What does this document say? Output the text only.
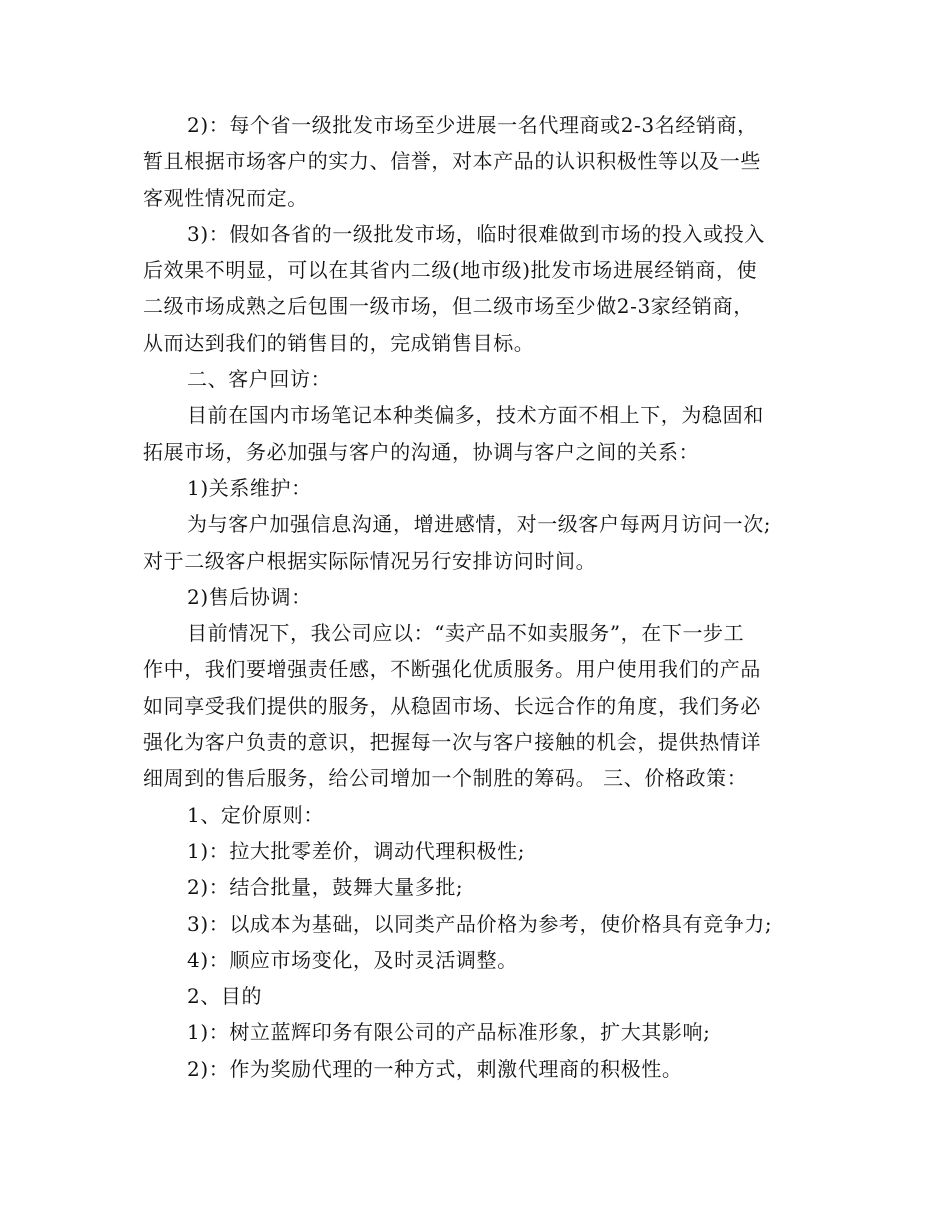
2)：每个省一级批发市场至少进展一名代理商或2-3名经销商，
暂且根据市场客户的实力、信誉，对本产品的认识积极性等以及一些
客观性情况而定。
3)：假如各省的一级批发市场，临时很难做到市场的投入或投入
后效果不明显，可以在其省内二级(地市级)批发市场进展经销商，使
二级市场成熟之后包围一级市场，但二级市场至少做2-3家经销商，
从而达到我们的销售目的，完成销售目标。
二、客户回访：
目前在国内市场笔记本种类偏多，技术方面不相上下，为稳固和
拓展市场，务必加强与客户的沟通，协调与客户之间的关系：
1)关系维护：
为与客户加强信息沟通，增进感情，对一级客户每两月访问一次;
对于二级客户根据实际际情况另行安排访问时间。
2)售后协调：
目前情况下，我公司应以：“卖产品不如卖服务”，在下一步工
作中，我们要增强责任感，不断强化优质服务。用户使用我们的产品
如同享受我们提供的服务，从稳固市场、长远合作的角度，我们务必
强化为客户负责的意识，把握每一次与客户接触的机会，提供热情详
细周到的售后服务，给公司增加一个制胜的筹码。 三、价格政策：
1、定价原则：
1)：拉大批零差价，调动代理积极性;
2)：结合批量，鼓舞大量多批;
3)：以成本为基础，以同类产品价格为参考，使价格具有竞争力;
4)：顺应市场变化，及时灵活调整。
2、目的
1)：树立蓝辉印务有限公司的产品标准形象，扩大其影响;
2)：作为奖励代理的一种方式，刺激代理商的积极性。
